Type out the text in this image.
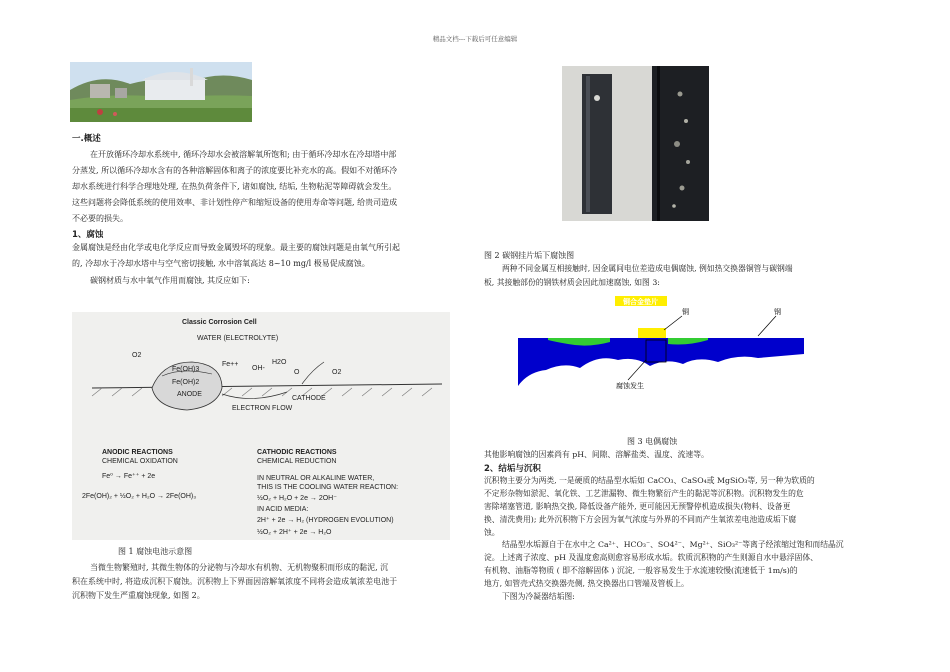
精品文档---下载后可任意编辑
一.概述
在开放循环冷却水系统中, 循环冷却水会被溶解氧所饱和; 由于循环冷却水在冷却塔中部
分蒸发, 所以循环冷却水含有的各种溶解固体和离子的浓度要比补充水的高。假如不对循环冷
却水系统进行科学合理地处理, 在热负荷条件下, 诸如腐蚀, 结垢, 生物粘泥等障碍就会发生。
这些问题将会降低系统的使用效率、非计划性停产和缩短设备的使用寿命等问题, 给贵司造成
不必要的损失。
1、腐蚀
金属腐蚀是经由化学或电化学反应而导致金属毁坏的现象。最主要的腐蚀问题是由氧气所引起
的, 冷却水于冷却水塔中与空气密切接触, 水中溶氧高达 8~10 mg/l 极易促成腐蚀。
碳钢材质与水中氧气作用而腐蚀, 其反应如下:
Classic Corrosion Cell
WATER (ELECTROLYTE)
Fe(OH)3
Fe(OH)2
ANODE
O2
Fe++	H2O
OH-
O2
O
ELECTRON FLOW
CATHODE
ANODIC REACTIONS
CHEMICAL OXIDATION
Fe⁰ → Fe⁺⁺ + 2e
2Fe(OH)₂ + ½O₂ + H₂O → 2Fe(OH)₃
CATHODIC REACTIONS
CHEMICAL REDUCTION
IN NEUTRAL OR ALKALINE WATER,
THIS IS THE COOLING WATER REACTION:
½O₂ + H₂O + 2e → 2OH⁻
IN ACID MEDIA:
2H⁺ + 2e → H₂ (HYDROGEN EVOLUTION)
½O₂ + 2H⁺ + 2e → H₂O
图 1 腐蚀电池示意图
当微生物繁殖时, 其微生物体的分泌物与冷却水有机物、无机物聚积而形成的黏泥, 沉
积在系统中时, 将造成沉积下腐蚀。沉积物上下界面因溶解氧浓度不同将会造成氧浓差电池于
沉积物下发生严重腐蚀现象, 如图 2。
图 2 碳钢挂片垢下腐蚀图
两种不同金属互相接触时, 因金属间电位差造成电偶腐蚀, 例如热交换器铜管与碳钢端
板, 其接触部份的钢铁材质会因此加速腐蚀, 如图 3:
铜合金垫片
铜	钢
腐蚀发生
图 3 电偶腐蚀
其他影响腐蚀的因素尚有 pH、间隙、溶解盐类、温度、流速等。
2、结垢与沉积
沉积物主要分为两类, 一是硬质的结晶型水垢如 CaCO₃、CaSO₄或 MgSiO₃等, 另一种为软质的
不定形杂物如淤泥、氧化铁、工艺泄漏物、微生物繁衍产生的黏泥等沉积物。沉积物发生的危
害除堵塞管道, 影响热交换, 降低设备产能外, 更可能因无预警停机造成损失(物料、设备更
换、清洗费用); 此外沉积物下方会因为氧气浓度与外界的不同而产生氧浓差电池造成垢下腐
蚀。
结晶型水垢源自于在水中之 Ca²⁺、HCO₃⁻、SO4²⁻、Mg²⁺、SiO₃²⁻等离子经浓缩过饱和而结晶沉
淀。上述离子浓度、pH 及温度愈高则愈容易形成水垢。软质沉积物的产生则源自水中悬浮固体、
有机物、油脂等物质 ( 即不溶解固体 ) 沉淀, 一般容易发生于水流速较慢(流速低于 1m/s)的
地方, 如管壳式热交换器壳侧, 热交换器出口管端及管板上。
下图为冷凝器结垢图:
